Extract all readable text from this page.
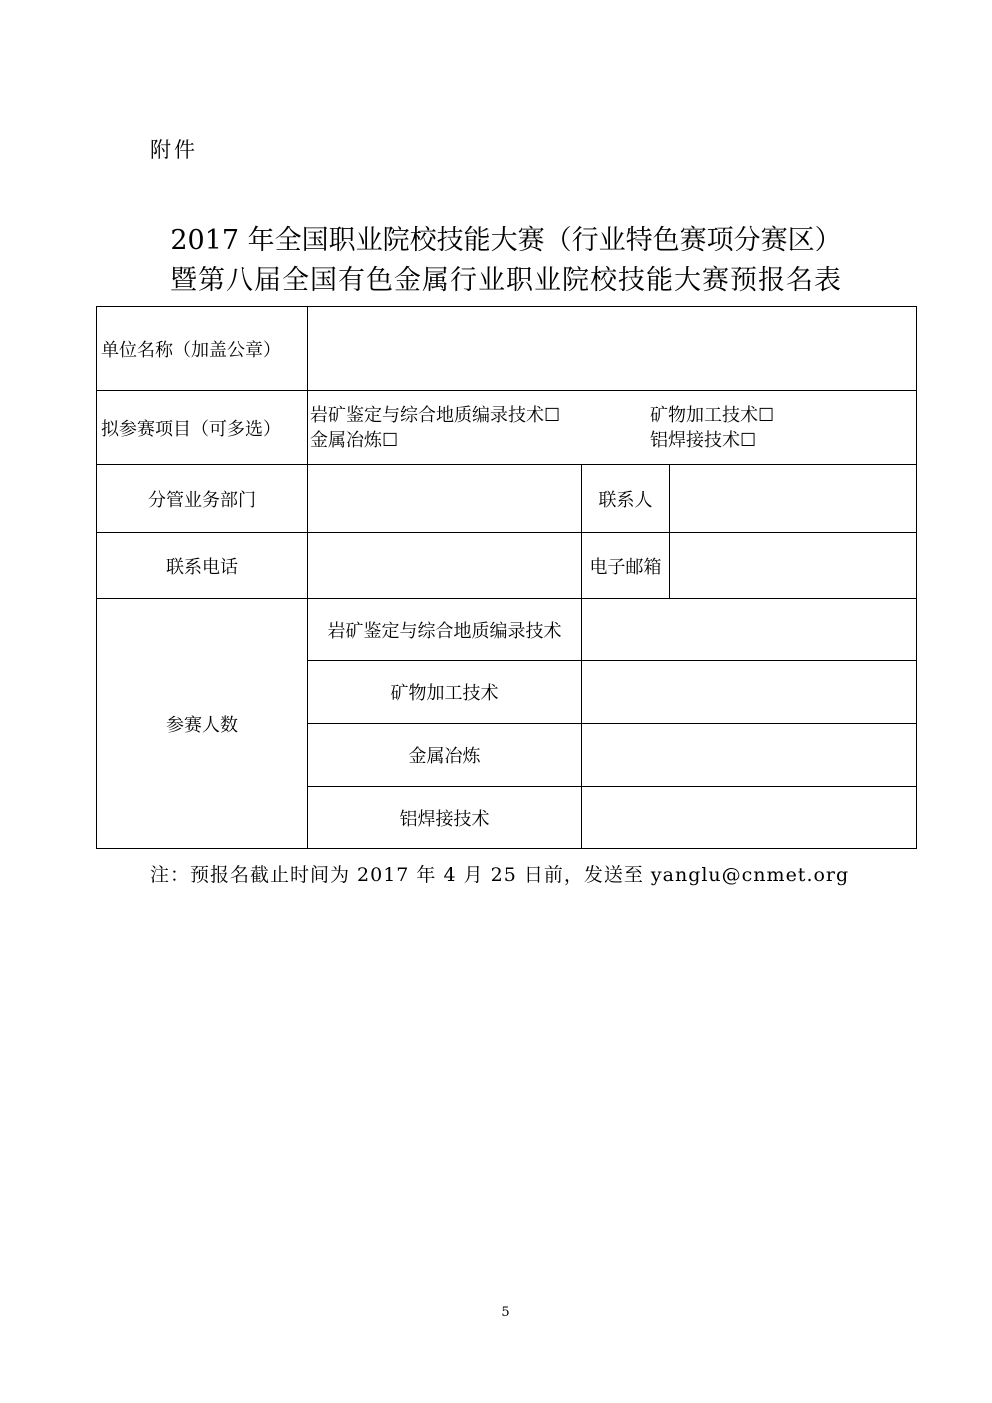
附件
2017 年全国职业院校技能大赛（行业特色赛项分赛区）
暨第八届全国有色金属行业职业院校技能大赛预报名表
单位名称（加盖公章）			
拟参赛项目（可多选）	岩矿鉴定与综合地质编录技术☐ 矿物加工技术☐
金属冶炼☐ 铝焊接技术☐		

分管业务部门		联系人	
联系电话		电子邮箱	
参赛人数	岩矿鉴定与综合地质编录技术		
	矿物加工技术		
	金属冶炼		
	铝焊接技术		
注：预报名截止时间为 2017 年 4 月 25 日前，发送至 yanglu@cnmet.org
5
